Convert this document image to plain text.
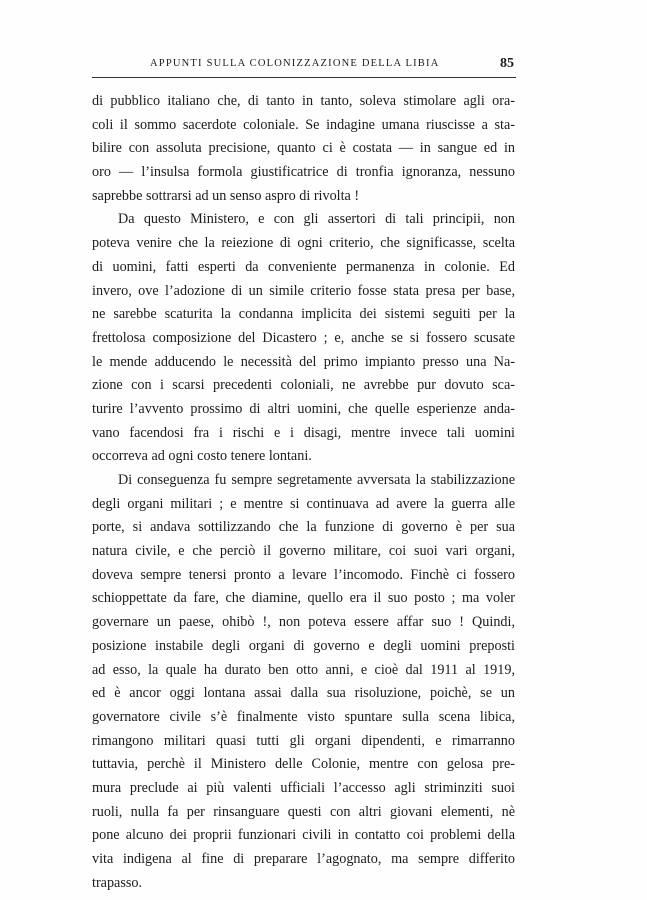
APPUNTI SULLA COLONIZZAZIONE DELLA LIBIA	85
di pubblico italiano che, di tanto in tanto, soleva stimolare agli ora-
coli il sommo sacerdote coloniale. Se indagine umana riuscisse a sta-
bilire con assoluta precisione, quanto ci è costata — in sangue ed in
oro — l’insulsa formola giustificatrice di tronfia ignoranza, nessuno
saprebbe sottrarsi ad un senso aspro di rivolta !
Da questo Ministero, e con gli assertori di tali principii, non
poteva venire che la reiezione di ogni criterio, che significasse, scelta
di uomini, fatti esperti da conveniente permanenza in colonie. Ed
invero, ove l’adozione di un simile criterio fosse stata presa per base,
ne sarebbe scaturita la condanna implicita dei sistemi seguiti per la
frettolosa composizione del Dicastero ; e, anche se si fossero scusate
le mende adducendo le necessità del primo impianto presso una Na-
zione con i scarsi precedenti coloniali, ne avrebbe pur dovuto sca-
turire l’avvento prossimo di altri uomini, che quelle esperienze anda-
vano facendosi fra i rischi e i disagi, mentre invece tali uomini
occorreva ad ogni costo tenere lontani.
Di conseguenza fu sempre segretamente avversata la stabilizzazione
degli organi militari ; e mentre si continuava ad avere la guerra alle
porte, si andava sottilizzando che la funzione di governo è per sua
natura civile, e che perciò il governo militare, coi suoi vari organi,
doveva sempre tenersi pronto a levare l’incomodo. Finchè ci fossero
schioppettate da fare, che diamine, quello era il suo posto ; ma voler
governare un paese, ohibò !, non poteva essere affar suo ! Quindi,
posizione instabile degli organi di governo e degli uomini preposti
ad esso, la quale ha durato ben otto anni, e cioè dal 1911 al 1919,
ed è ancor oggi lontana assai dalla sua risoluzione, poichè, se un
governatore civile s’è finalmente visto spuntare sulla scena libica,
rimangono militari quasi tutti gli organi dipendenti, e rimarranno
tuttavia, perchè il Ministero delle Colonie, mentre con gelosa pre-
mura preclude ai più valenti ufficiali l’accesso agli striminziti suoi
ruoli, nulla fa per rinsanguare questi con altri giovani elementi, nè
pone alcuno dei proprii funzionari civili in contatto coi problemi della
vita indigena al fine di preparare l’agognato, ma sempre differito
trapasso.
